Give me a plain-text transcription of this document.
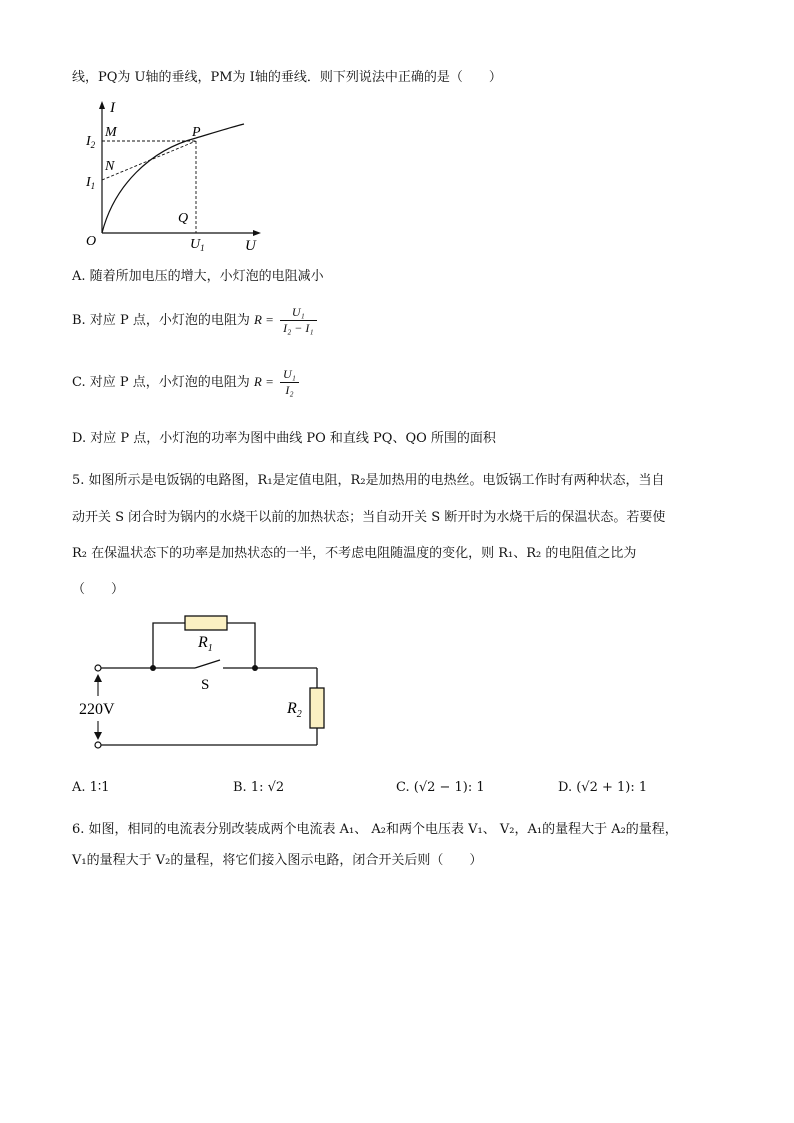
线，PQ为 U轴的垂线，PM为 I轴的垂线．则下列说法中正确的是（　　）
I
$I_2$
M
N
$I_1$
P
Q
O	$U_1$	U
A. 随着所加电压的增大，小灯泡的电阻减小
B. 对应 P 点，小灯泡的电阻为 $R = \frac{\text{U₁}}{\text{I₂ − I₁}}$
C. 对应 P 点，小灯泡的电阻为 $R = \frac{\text{U₁}}{\text{I₂}}$
D. 对应 P 点，小灯泡的功率为图中曲线 PO 和直线 PQ、QO 所围的面积
5. 如图所示是电饭锅的电路图，R₁是定值电阻，R₂是加热用的电热丝。电饭锅工作时有两种状态，当自
动开关 S 闭合时为锅内的水烧干以前的加热状态；当自动开关 S 断开时为水烧干后的保温状态。若要使
R₂ 在保温状态下的功率是加热状态的一半，不考虑电阻随温度的变化，则 R₁、R₂ 的电阻值之比为
（　　）
$R_1$
S
$R_2$
220V
A. 1∶1	B. 1: √2	C. (√2 − 1): 1	D. (√2 + 1): 1
6. 如图，相同的电流表分别改装成两个电流表 A₁、 A₂和两个电压表 V₁、 V₂，A₁的量程大于 A₂的量程，
V₁的量程大于 V₂的量程，将它们接入图示电路，闭合开关后则（　　）
